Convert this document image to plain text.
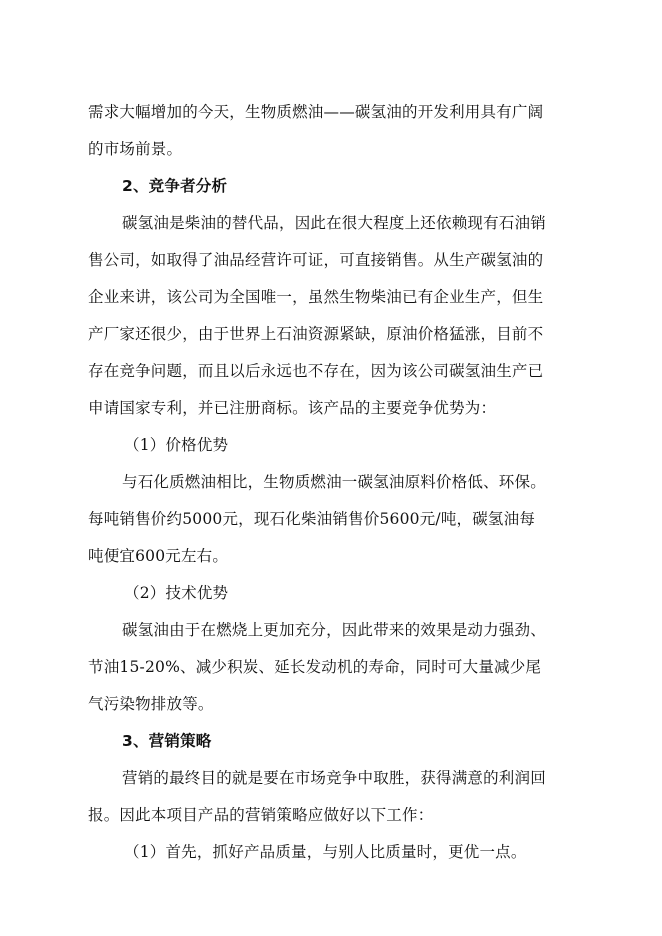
需求大幅增加的今天，生物质燃油——碳氢油的开发利用具有广阔
的市场前景。
2、竞争者分析
碳氢油是柴油的替代品，因此在很大程度上还依赖现有石油销
售公司，如取得了油品经营许可证，可直接销售。从生产碳氢油的
企业来讲，该公司为全国唯一，虽然生物柴油已有企业生产，但生
产厂家还很少，由于世界上石油资源紧缺，原油价格猛涨，目前不
存在竞争问题，而且以后永远也不存在，因为该公司碳氢油生产已
申请国家专利，并已注册商标。该产品的主要竞争优势为：
（1）价格优势
与石化质燃油相比，生物质燃油一碳氢油原料价格低、环保。
每吨销售价约5000元，现石化柴油销售价5600元/吨，碳氢油每
吨便宜600元左右。
（2）技术优势
碳氢油由于在燃烧上更加充分，因此带来的效果是动力强劲、
节油15-20%、减少积炭、延长发动机的寿命，同时可大量减少尾
气污染物排放等。
3、营销策略
营销的最终目的就是要在市场竞争中取胜，获得满意的利润回
报。因此本项目产品的营销策略应做好以下工作：
（1）首先，抓好产品质量，与别人比质量时，更优一点。
